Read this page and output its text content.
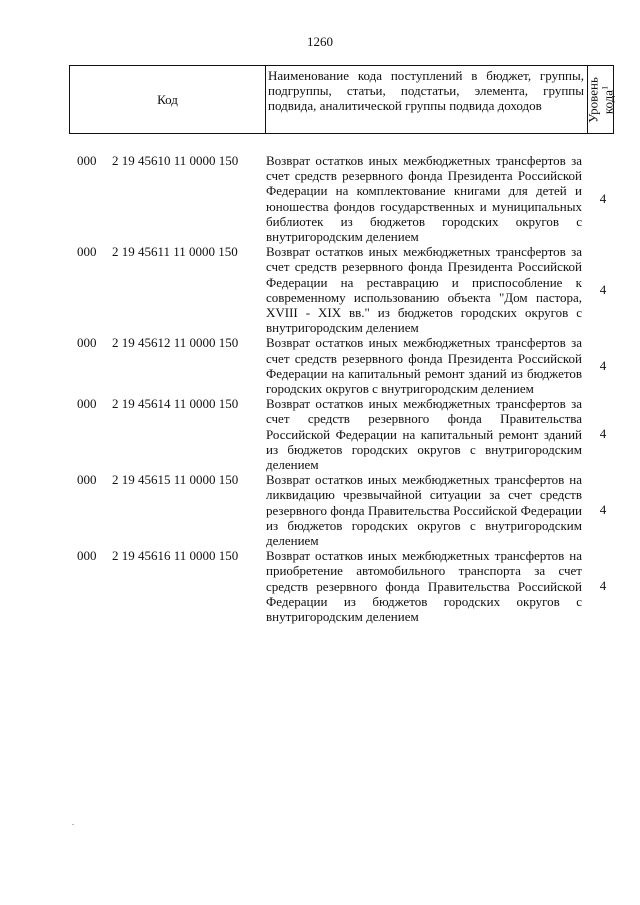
1260
Код
Наименование кода поступлений в бюджет, группы, подгруппы, статьи, подстатьи, элемента, группы подвида, аналитической группы подвида доходов	Уровень кода$^1$
000 2 19 45610 11 0000 150 Возврат остатков иных межбюджетных трансфертов за счет средств резервного фонда Президента Российской Федерации на комплектование книгами для детей и юношества фондов государственных и муниципальных библиотек из бюджетов городских округов с внутригородским делением
4
000 2 19 45611 11 0000 150 Возврат остатков иных межбюджетных трансфертов за счет средств резервного фонда Президента Российской Федерации на реставрацию и приспособление к современному использованию объекта "Дом пастора, XVIII - XIX вв." из бюджетов городских округов с внутригородским делением
4
000 2 19 45612 11 0000 150 Возврат остатков иных межбюджетных трансфертов за счет средств резервного фонда Президента Российской Федерации на капитальный ремонт зданий из бюджетов городских округов с внутригородским делением
4
000 2 19 45614 11 0000 150 Возврат остатков иных межбюджетных трансфертов за счет средств резервного фонда Правительства Российской Федерации на капитальный ремонт зданий из бюджетов городских округов с внутригородским делением
4
000 2 19 45615 11 0000 150 Возврат остатков иных межбюджетных трансфертов на ликвидацию чрезвычайной ситуации за счет средств резервного фонда Правительства Российской Федерации из бюджетов городских округов с внутригородским делением
4
000 2 19 45616 11 0000 150 Возврат остатков иных межбюджетных трансфертов на приобретение автомобильного транспорта за счет средств резервного фонда Правительства Российской Федерации из бюджетов городских округов с внутригородским делением
4
.
